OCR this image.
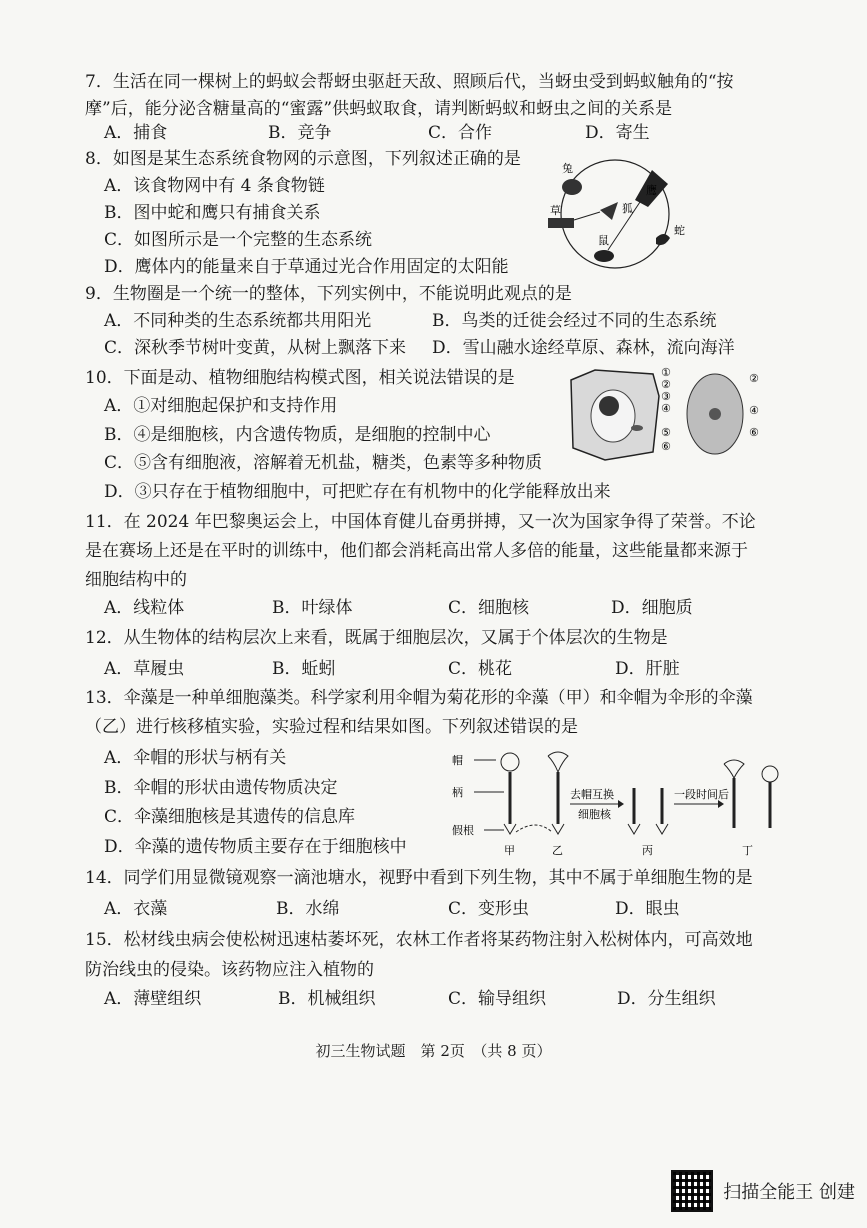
7．生活在同一棵树上的蚂蚁会帮蚜虫驱赶天敌、照顾后代，当蚜虫受到蚂蚁触角的“按
摩”后，能分泌含糖量高的“蜜露”供蚂蚁取食，请判断蚂蚁和蚜虫之间的关系是
A．捕食	B．竞争	C．合作	D．寄生
8．如图是某生态系统食物网的示意图，下列叙述正确的是
A．该食物网中有 4 条食物链
B．图中蛇和鹰只有捕食关系
C．如图所示是一个完整的生态系统
D．鹰体内的能量来自于草通过光合作用固定的太阳能
兔
鹰
草	狐
鼠
蛇
9．生物圈是一个统一的整体，下列实例中，不能说明此观点的是
A．不同种类的生态系统都共用阳光	B．鸟类的迁徙会经过不同的生态系统
C．深秋季节树叶变黄，从树上飘落下来 D．雪山融水途经草原、森林，流向海洋
10．下面是动、植物细胞结构模式图，相关说法错误的是
A．①对细胞起保护和支持作用
B．④是细胞核，内含遗传物质，是细胞的控制中心
C．⑤含有细胞液，溶解着无机盐，糖类，色素等多种物质
D．③只存在于植物细胞中，可把贮存在有机物中的化学能释放出来
①
②
③
④
⑤
⑥
②
④
⑥
11．在 2024 年巴黎奥运会上，中国体育健儿奋勇拼搏，又一次为国家争得了荣誉。不论
是在赛场上还是在平时的训练中，他们都会消耗高出常人多倍的能量，这些能量都来源于
细胞结构中的
A．线粒体	B．叶绿体	C．细胞核	D．细胞质
12．从生物体的结构层次上来看，既属于细胞层次，又属于个体层次的生物是
A．草履虫	B．蚯蚓	C．桃花	D．肝脏
13．伞藻是一种单细胞藻类。科学家利用伞帽为菊花形的伞藻（甲）和伞帽为伞形的伞藻
（乙）进行核移植实验，实验过程和结果如图。下列叙述错误的是
A．伞帽的形状与柄有关
B．伞帽的形状由遗传物质决定
C．伞藻细胞核是其遗传的信息库
D．伞藻的遗传物质主要存在于细胞核中
帽
柄
假根
去帽互换
细胞核
一段时间后
甲	乙	丙	丁
14．同学们用显微镜观察一滴池塘水，视野中看到下列生物，其中不属于单细胞生物的是
A．衣藻	B．水绵	C．变形虫	D．眼虫
15．松材线虫病会使松树迅速枯萎坏死，农林工作者将某药物注射入松树体内，可高效地
防治线虫的侵染。该药物应注入植物的
A．薄壁组织	B．机械组织	C．输导组织	D．分生组织
初三生物试题　第 2页　（共 8 页）
扫描全能王 创建
